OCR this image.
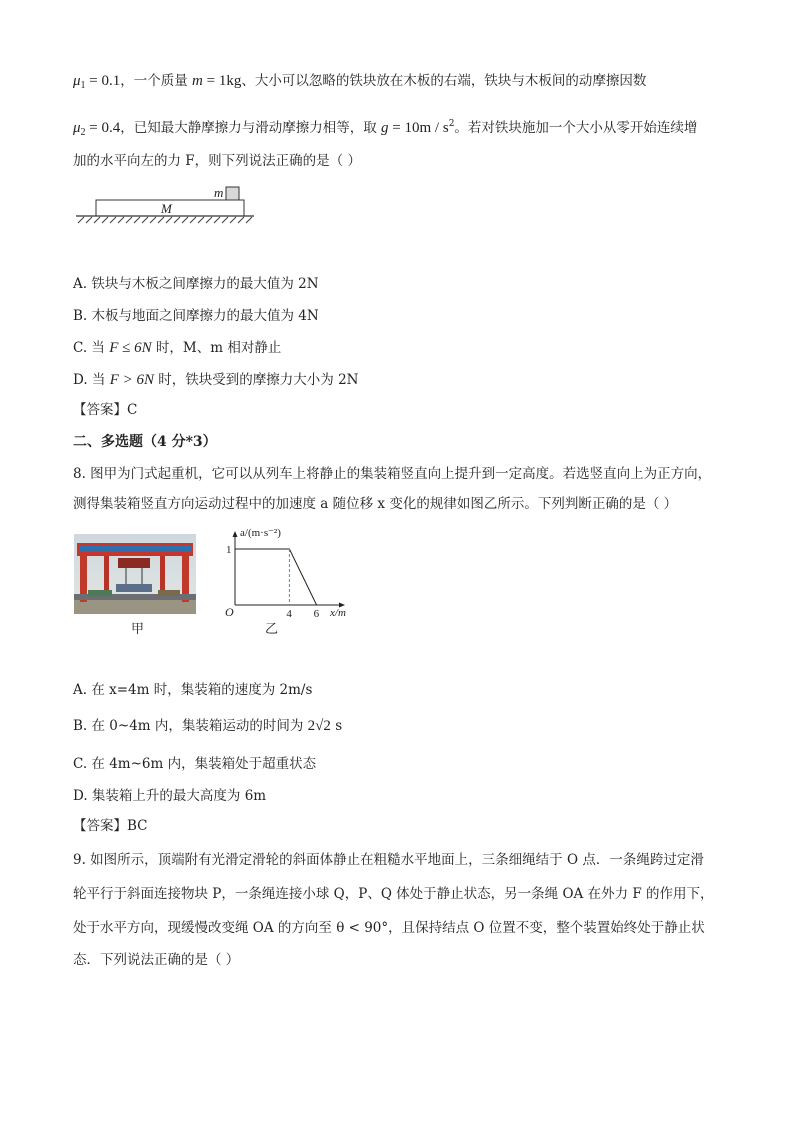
$\mu_1 = 0.1$，一个质量 m = 1kg、大小可以忽略的铁块放在木板的右端，铁块与木板间的动摩擦因数
$\mu_2 = 0.4$，已知最大静摩擦力与滑动摩擦力相等，取 $g = 10m / s^2$。若对铁块施加一个大小从零开始连续增
加的水平向左的力 F，则下列说法正确的是（ ）
m
M
A. 铁块与木板之间摩擦力的最大值为 2N
B. 木板与地面之间摩擦力的最大值为 4N
C. 当 F ≤ 6N 时，M、m 相对静止
D. 当 F > 6N 时，铁块受到的摩擦力大小为 2N
【答案】C
二、多选题（4 分*3）
8. 图甲为门式起重机，它可以从列车上将静止的集装箱竖直向上提升到一定高度。若选竖直向上为正方向，
测得集装箱竖直方向运动过程中的加速度 a 随位移 x 变化的规律如图乙所示。下列判断正确的是（ ）
甲
a/(m·s⁻²)
x/m
O	4 6
1
乙
A. 在 x=4m 时，集装箱的速度为 2m/s
B. 在 0~4m 内，集装箱运动的时间为 2√2 s
C. 在 4m~6m 内，集装箱处于超重状态
D. 集装箱上升的最大高度为 6m
【答案】BC
9. 如图所示，顶端附有光滑定滑轮的斜面体静止在粗糙水平地面上，三条细绳结于 O 点．一条绳跨过定滑
轮平行于斜面连接物块 P，一条绳连接小球 Q，P、Q 体处于静止状态，另一条绳 OA 在外力 F 的作用下，
处于水平方向，现缓慢改变绳 OA 的方向至 θ < 90°，且保持结点 O 位置不变，整个装置始终处于静止状
态．下列说法正确的是（ ）
